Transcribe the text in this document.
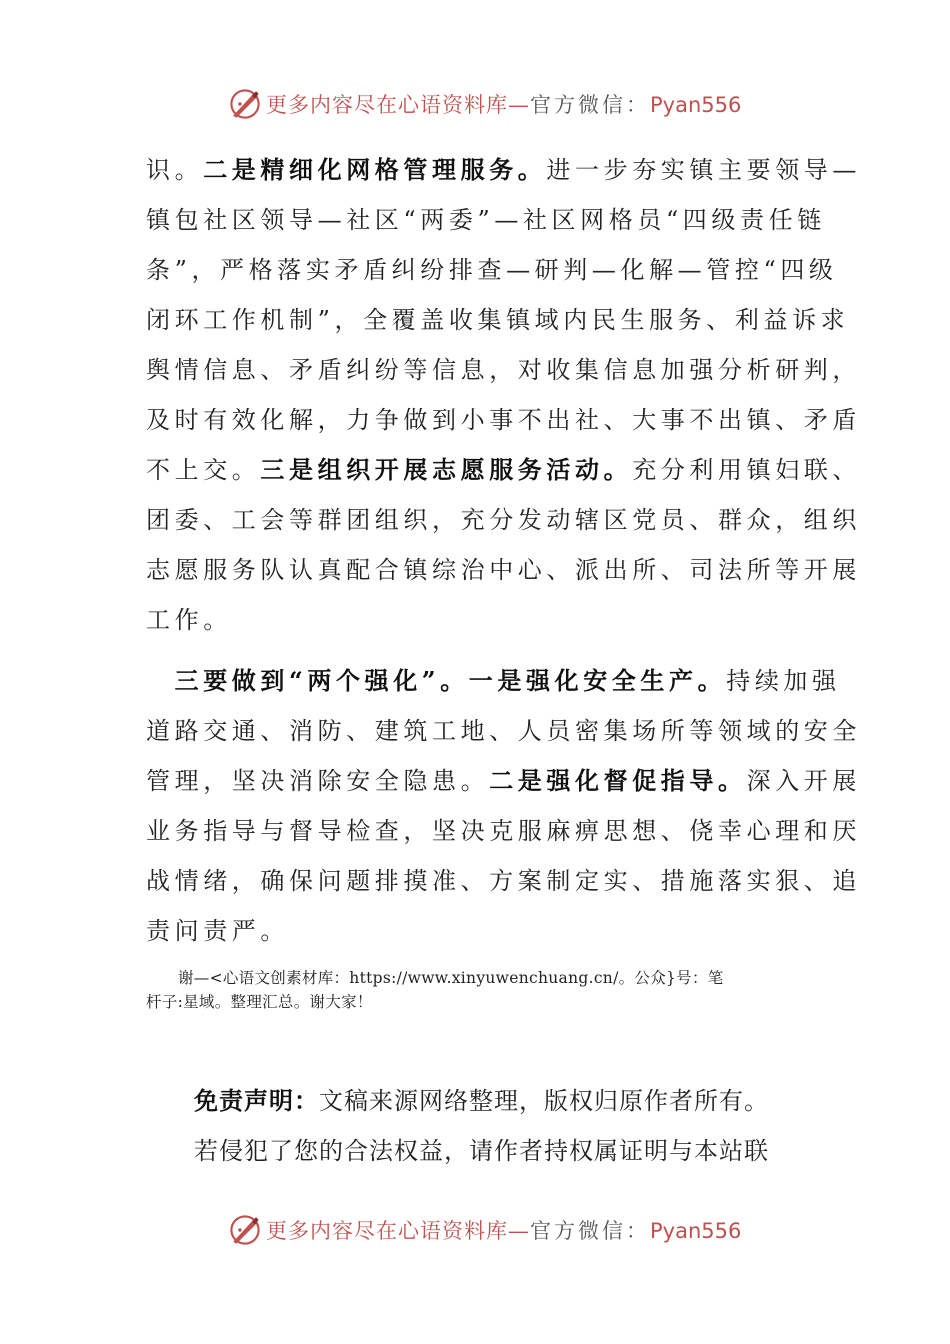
更多内容尽在心语资料库—官方微信：Pyan556
识。二是精细化网格管理服务。进一步夯实镇主要领导—
镇包社区领导—社区“两委”—社区网格员“四级责任链
条”，严格落实矛盾纠纷排查—研判—化解—管控“四级
闭环工作机制”，全覆盖收集镇域内民生服务、利益诉求
舆情信息、矛盾纠纷等信息，对收集信息加强分析研判，
及时有效化解，力争做到小事不出社、大事不出镇、矛盾
不上交。三是组织开展志愿服务活动。充分利用镇妇联、
团委、工会等群团组织，充分发动辖区党员、群众，组织
志愿服务队认真配合镇综治中心、派出所、司法所等开展
工作。
　三要做到“两个强化”。一是强化安全生产。持续加强
道路交通、消防、建筑工地、人员密集场所等领域的安全
管理，坚决消除安全隐患。二是强化督促指导。深入开展
业务指导与督导检查，坚决克服麻痹思想、侥幸心理和厌
战情绪，确保问题排摸准、方案制定实、措施落实狠、追
责问责严。
谢—<心语文创素材库：https://www.xinyuwenchuang.cn/。公众}号：笔
杆子:星域。整理汇总。谢大家！
免责声明：文稿来源网络整理，版权归原作者所有。
若侵犯了您的合法权益，请作者持权属证明与本站联
更多内容尽在心语资料库—官方微信：Pyan556
